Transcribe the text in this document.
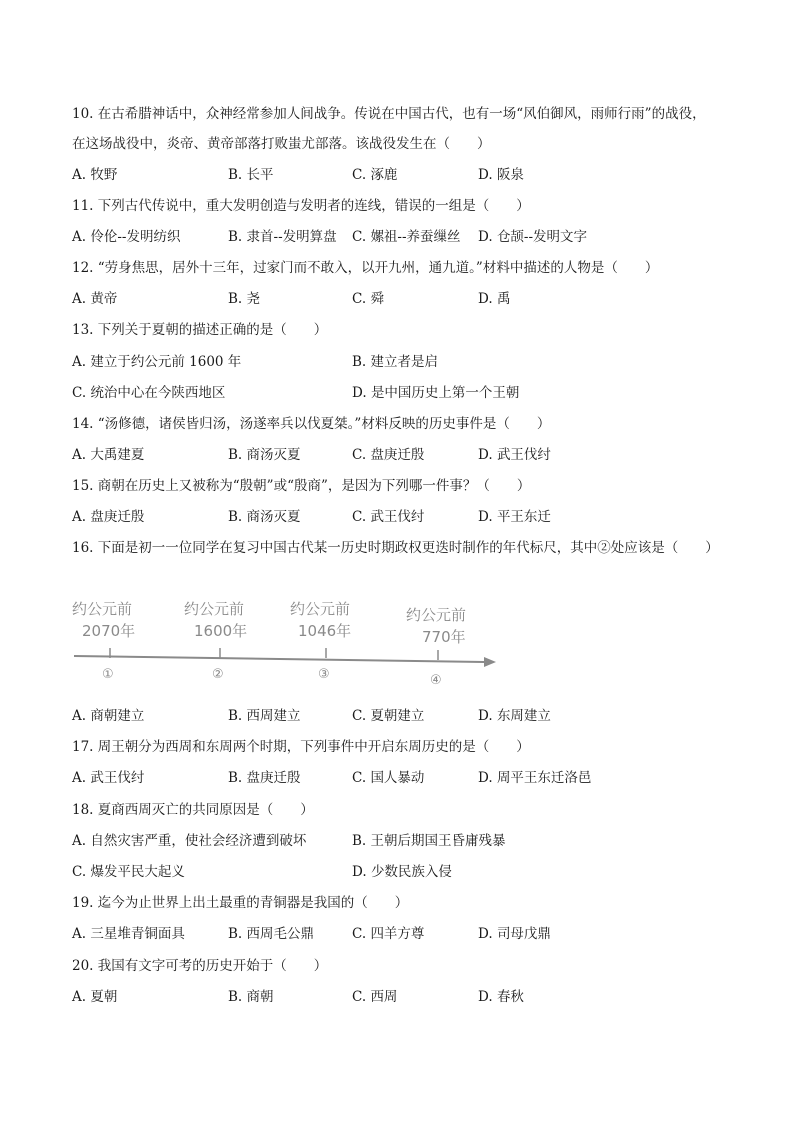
10. 在古希腊神话中，众神经常参加人间战争。传说在中国古代，也有一场“风伯御风，雨师行雨”的战役，
在这场战役中，炎帝、黄帝部落打败蚩尤部落。该战役发生在（　　）
A. 牧野	B. 长平	C. 涿鹿	D. 阪泉
11. 下列古代传说中，重大发明创造与发明者的连线，错误的一组是（　　）
A. 伶伦--发明纺织	B. 隶首--发明算盘 C. 嫘祖--养蚕缫丝 D. 仓颉--发明文字
12. “劳身焦思，居外十三年，过家门而不敢入，以开九州，通九道。”材料中描述的人物是（　　）
A. 黄帝	B. 尧	C. 舜	D. 禹
13. 下列关于夏朝的描述正确的是（　　）
A. 建立于约公元前 1600 年	B. 建立者是启
C. 统治中心在今陕西地区	D. 是中国历史上第一个王朝
14. “汤修德，诸侯皆归汤，汤遂率兵以伐夏桀。”材料反映的历史事件是（　　）
A. 大禹建夏	B. 商汤灭夏	C. 盘庚迁殷	D. 武王伐纣
15. 商朝在历史上又被称为“殷朝”或“殷商”，是因为下列哪一件事？（　　）
A. 盘庚迁殷	B. 商汤灭夏	C. 武王伐纣	D. 平王东迁
16. 下面是初一一位同学在复习中国古代某一历史时期政权更迭时制作的年代标尺，其中②处应该是（　　）
约公元前
2070年
①
约公元前
1600年
②
约公元前
1046年
③
约公元前
770年
④
A. 商朝建立	B. 西周建立	C. 夏朝建立	D. 东周建立
17. 周王朝分为西周和东周两个时期，下列事件中开启东周历史的是（　　）
A. 武王伐纣	B. 盘庚迁殷	C. 国人暴动	D. 周平王东迁洛邑
18. 夏商西周灭亡的共同原因是（　　）
A. 自然灾害严重，使社会经济遭到破坏	B. 王朝后期国王昏庸残暴
C. 爆发平民大起义	D. 少数民族入侵
19. 迄今为止世界上出土最重的青铜器是我国的（　　）
A. 三星堆青铜面具	B. 西周毛公鼎	C. 四羊方尊	D. 司母戊鼎
20. 我国有文字可考的历史开始于（　　）
A. 夏朝	B. 商朝	C. 西周	D. 春秋
